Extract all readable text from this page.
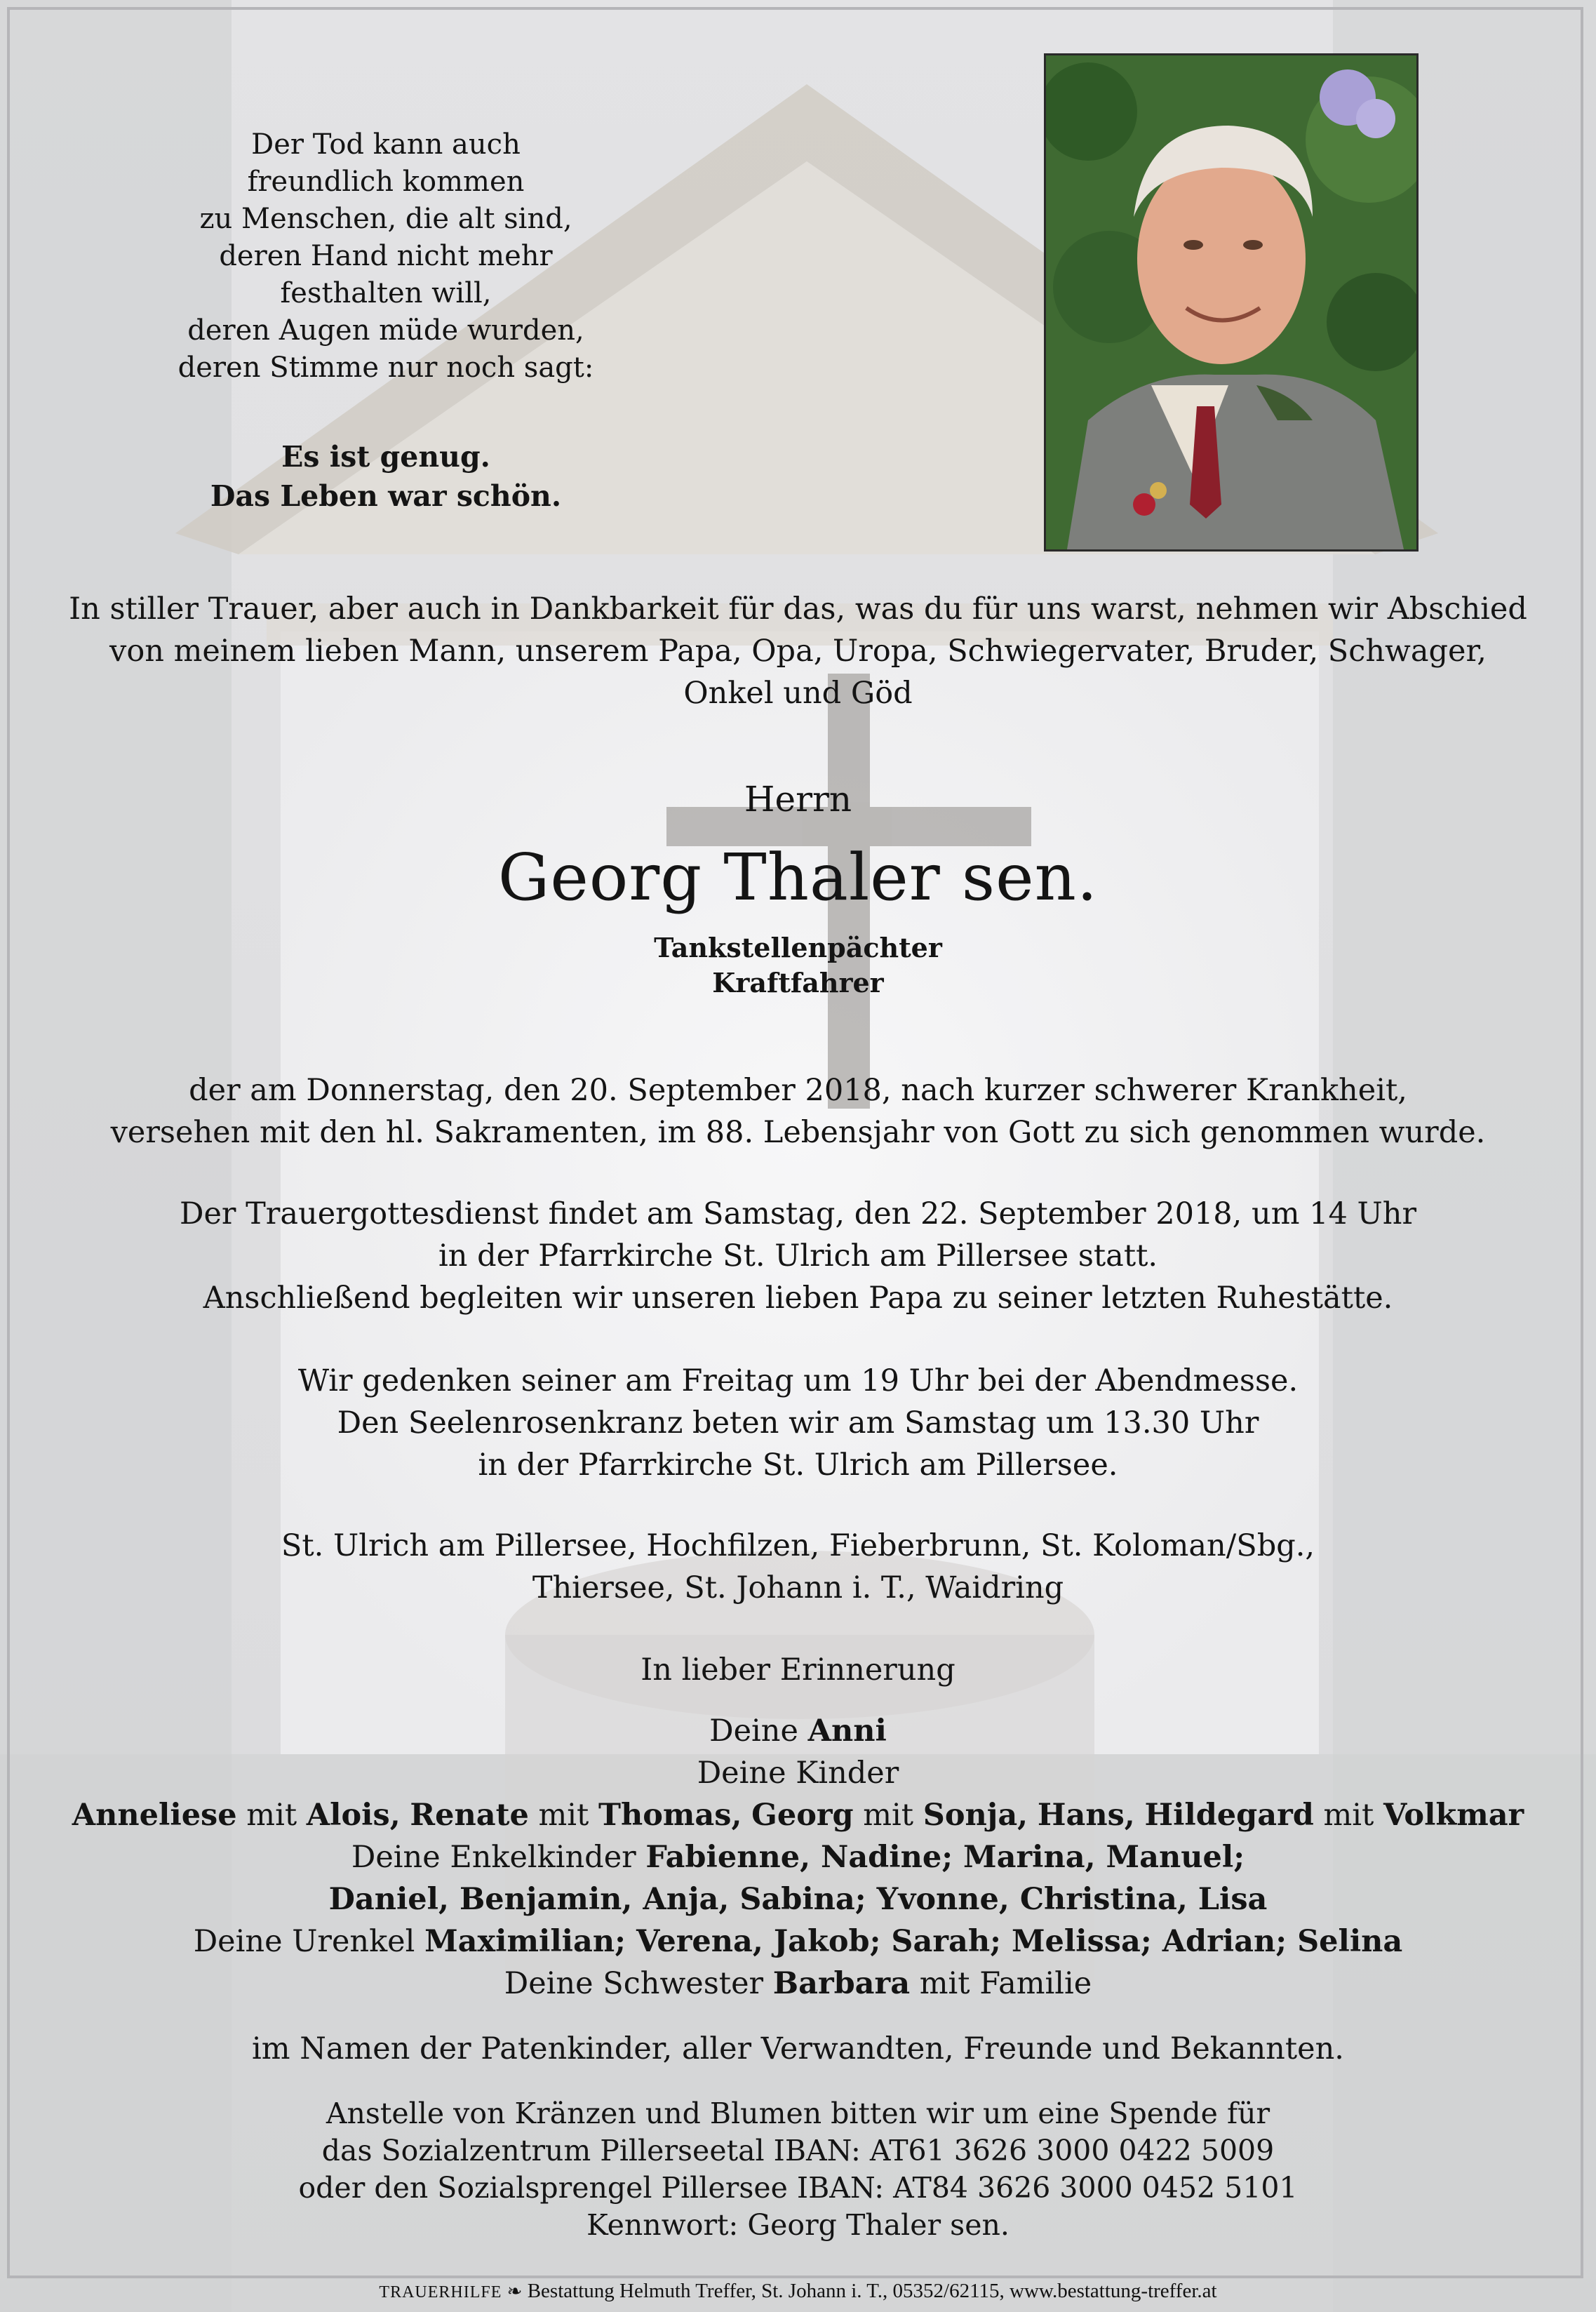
Der Tod kann auch
freundlich kommen
zu Menschen, die alt sind,
deren Hand nicht mehr
festhalten will,
deren Augen müde wurden,
deren Stimme nur noch sagt:
Es ist genug.
Das Leben war schön.
In stiller Trauer, aber auch in Dankbarkeit für das, was du für uns warst, nehmen wir Abschied
von meinem lieben Mann, unserem Papa, Opa, Uropa, Schwiegervater, Bruder, Schwager,
Onkel und Göd
Herrn
Georg Thaler sen.
Tankstellenpächter
Kraftfahrer
der am Donnerstag, den 20. September 2018, nach kurzer schwerer Krankheit,
versehen mit den hl. Sakramenten, im 88. Lebensjahr von Gott zu sich genommen wurde.
Der Trauergottesdienst findet am Samstag, den 22. September 2018, um 14 Uhr
in der Pfarrkirche St. Ulrich am Pillersee statt.
Anschließend begleiten wir unseren lieben Papa zu seiner letzten Ruhestätte.
Wir gedenken seiner am Freitag um 19 Uhr bei der Abendmesse.
Den Seelenrosenkranz beten wir am Samstag um 13.30 Uhr
in der Pfarrkirche St. Ulrich am Pillersee.
St. Ulrich am Pillersee, Hochfilzen, Fieberbrunn, St. Koloman/Sbg.,
Thiersee, St. Johann i. T., Waidring
In lieber Erinnerung
Deine Anni
Deine Kinder
Anneliese mit Alois, Renate mit Thomas, Georg mit Sonja, Hans, Hildegard mit Volkmar
Deine Enkelkinder Fabienne, Nadine; Marina, Manuel;
Daniel, Benjamin, Anja, Sabina; Yvonne, Christina, Lisa
Deine Urenkel Maximilian; Verena, Jakob; Sarah; Melissa; Adrian; Selina
Deine Schwester Barbara mit Familie
im Namen der Patenkinder, aller Verwandten, Freunde und Bekannten.
Anstelle von Kränzen und Blumen bitten wir um eine Spende für
das Sozialzentrum Pillerseetal IBAN: AT61 3626 3000 0422 5009
oder den Sozialsprengel Pillersee IBAN: AT84 3626 3000 0452 5101
Kennwort: Georg Thaler sen.
TRAUERHILFE ❧ Bestattung Helmuth Treffer, St. Johann i. T., 05352/62115, www.bestattung-treffer.at
